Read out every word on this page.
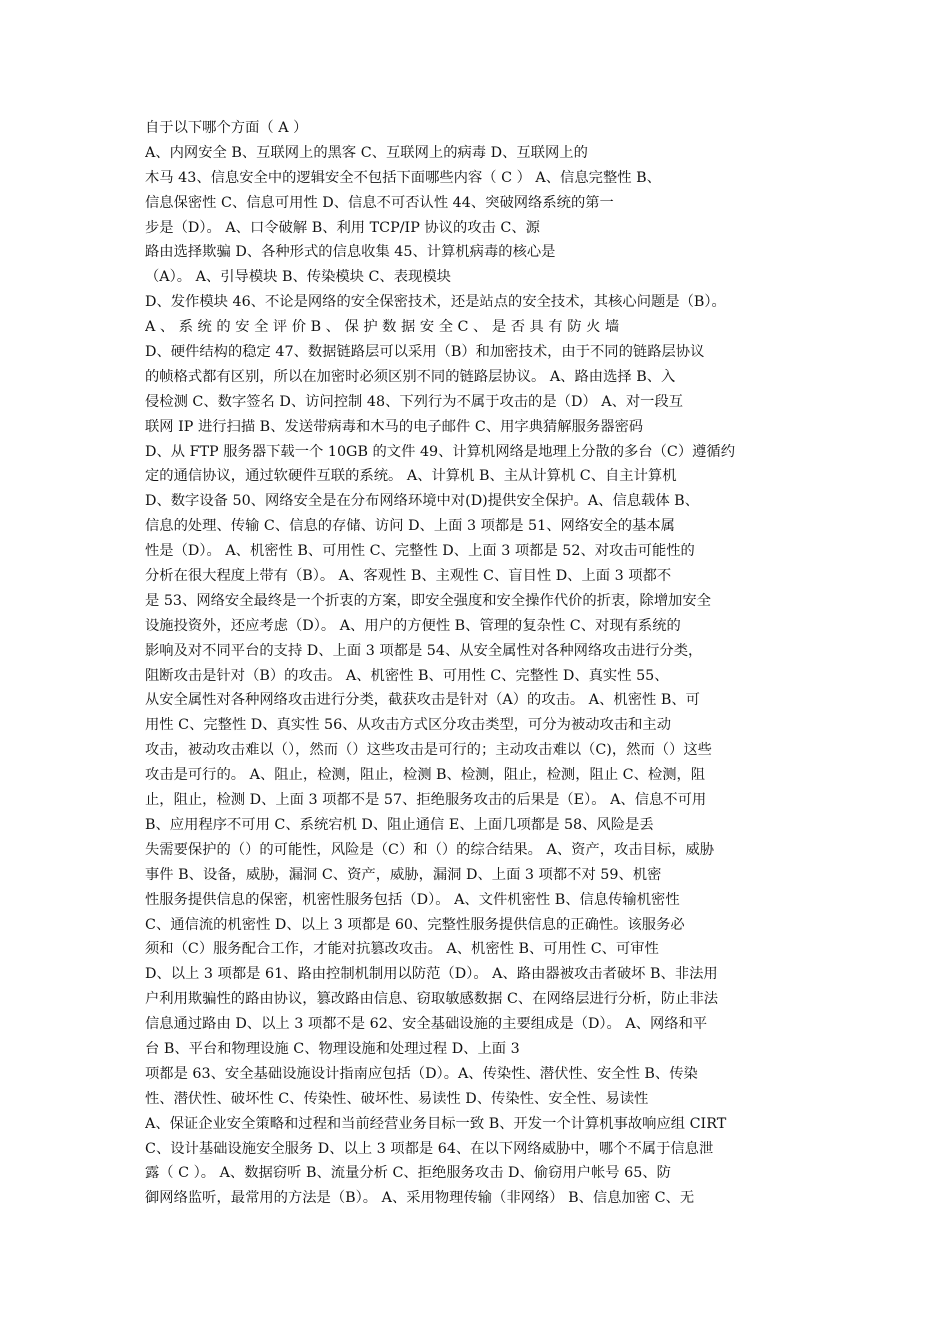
自于以下哪个方面（ A ）
A、内网安全 B、互联网上的黑客 C、互联网上的病毒 D、互联网上的
木马 43、信息安全中的逻辑安全不包括下面哪些内容（ C ） A、信息完整性 B、
信息保密性 C、信息可用性 D、信息不可否认性 44、突破网络系统的第一
步是（D）。 A、口令破解 B、利用 TCP/IP 协议的攻击 C、源
路由选择欺骗 D、各种形式的信息收集 45、计算机病毒的核心是
（A）。 A、引导模块 B、传染模块 C、表现模块
D、发作模块 46、不论是网络的安全保密技术，还是站点的安全技术，其核心问题是（B）。
A 、 系 统 的 安 全 评 价 B 、 保 护 数 据 安 全 C 、 是 否 具 有 防 火 墙
D、硬件结构的稳定 47、数据链路层可以采用（B）和加密技术，由于不同的链路层协议
的帧格式都有区别，所以在加密时必须区别不同的链路层协议。 A、路由选择 B、入
侵检测 C、数字签名 D、访问控制 48、下列行为不属于攻击的是（D） A、对一段互
联网 IP 进行扫描 B、发送带病毒和木马的电子邮件 C、用字典猜解服务器密码
D、从 FTP 服务器下载一个 10GB 的文件 49、计算机网络是地理上分散的多台（C）遵循约
定的通信协议，通过软硬件互联的系统。 A、计算机 B、主从计算机 C、自主计算机
D、数字设备 50、网络安全是在分布网络环境中对(D)提供安全保护。A、信息载体 B、
信息的处理、传输 C、信息的存储、访问 D、上面 3 项都是 51、网络安全的基本属
性是（D）。 A、机密性 B、可用性 C、完整性 D、上面 3 项都是 52、对攻击可能性的
分析在很大程度上带有（B）。 A、客观性 B、主观性 C、盲目性 D、上面 3 项都不
是 53、网络安全最终是一个折衷的方案，即安全强度和安全操作代价的折衷，除增加安全
设施投资外，还应考虑（D）。 A、用户的方便性 B、管理的复杂性 C、对现有系统的
影响及对不同平台的支持 D、上面 3 项都是 54、从安全属性对各种网络攻击进行分类，
阻断攻击是针对（B）的攻击。 A、机密性 B、可用性 C、完整性 D、真实性 55、
从安全属性对各种网络攻击进行分类，截获攻击是针对（A）的攻击。 A、机密性 B、可
用性 C、完整性 D、真实性 56、从攻击方式区分攻击类型，可分为被动攻击和主动
攻击，被动攻击难以（），然而（）这些攻击是可行的；主动攻击难以（C)，然而（）这些
攻击是可行的。 A、阻止，检测，阻止，检测 B、检测，阻止，检测，阻止 C、检测，阻
止，阻止，检测 D、上面 3 项都不是 57、拒绝服务攻击的后果是（E）。 A、信息不可用
B、应用程序不可用 C、系统宕机 D、阻止通信 E、上面几项都是 58、风险是丢
失需要保护的（）的可能性，风险是（C）和（）的综合结果。 A、资产，攻击目标，威胁
事件 B、设备，威胁，漏洞 C、资产，威胁，漏洞 D、上面 3 项都不对 59、机密
性服务提供信息的保密，机密性服务包括（D）。 A、文件机密性 B、信息传输机密性
C、通信流的机密性 D、以上 3 项都是 60、完整性服务提供信息的正确性。该服务必
须和（C）服务配合工作，才能对抗篡改攻击。 A、机密性 B、可用性 C、可审性
D、以上 3 项都是 61、路由控制机制用以防范（D）。 A、路由器被攻击者破坏 B、非法用
户利用欺骗性的路由协议，篡改路由信息、窃取敏感数据 C、在网络层进行分析，防止非法
信息通过路由 D、以上 3 项都不是 62、安全基础设施的主要组成是（D）。 A、网络和平
台 B、平台和物理设施 C、物理设施和处理过程 D、上面 3
项都是 63、安全基础设施设计指南应包括（D）。A、传染性、潜伏性、安全性 B、传染
性、潜伏性、破坏性 C、传染性、破坏性、易读性 D、传染性、安全性、易读性
A、保证企业安全策略和过程和当前经营业务目标一致 B、开发一个计算机事故响应组 CIRT
C、设计基础设施安全服务 D、以上 3 项都是 64、在以下网络威胁中，哪个不属于信息泄
露（ C ）。 A、数据窃听 B、流量分析 C、拒绝服务攻击 D、偷窃用户帐号 65、防
御网络监听，最常用的方法是（B）。 A、采用物理传输（非网络） B、信息加密 C、无
